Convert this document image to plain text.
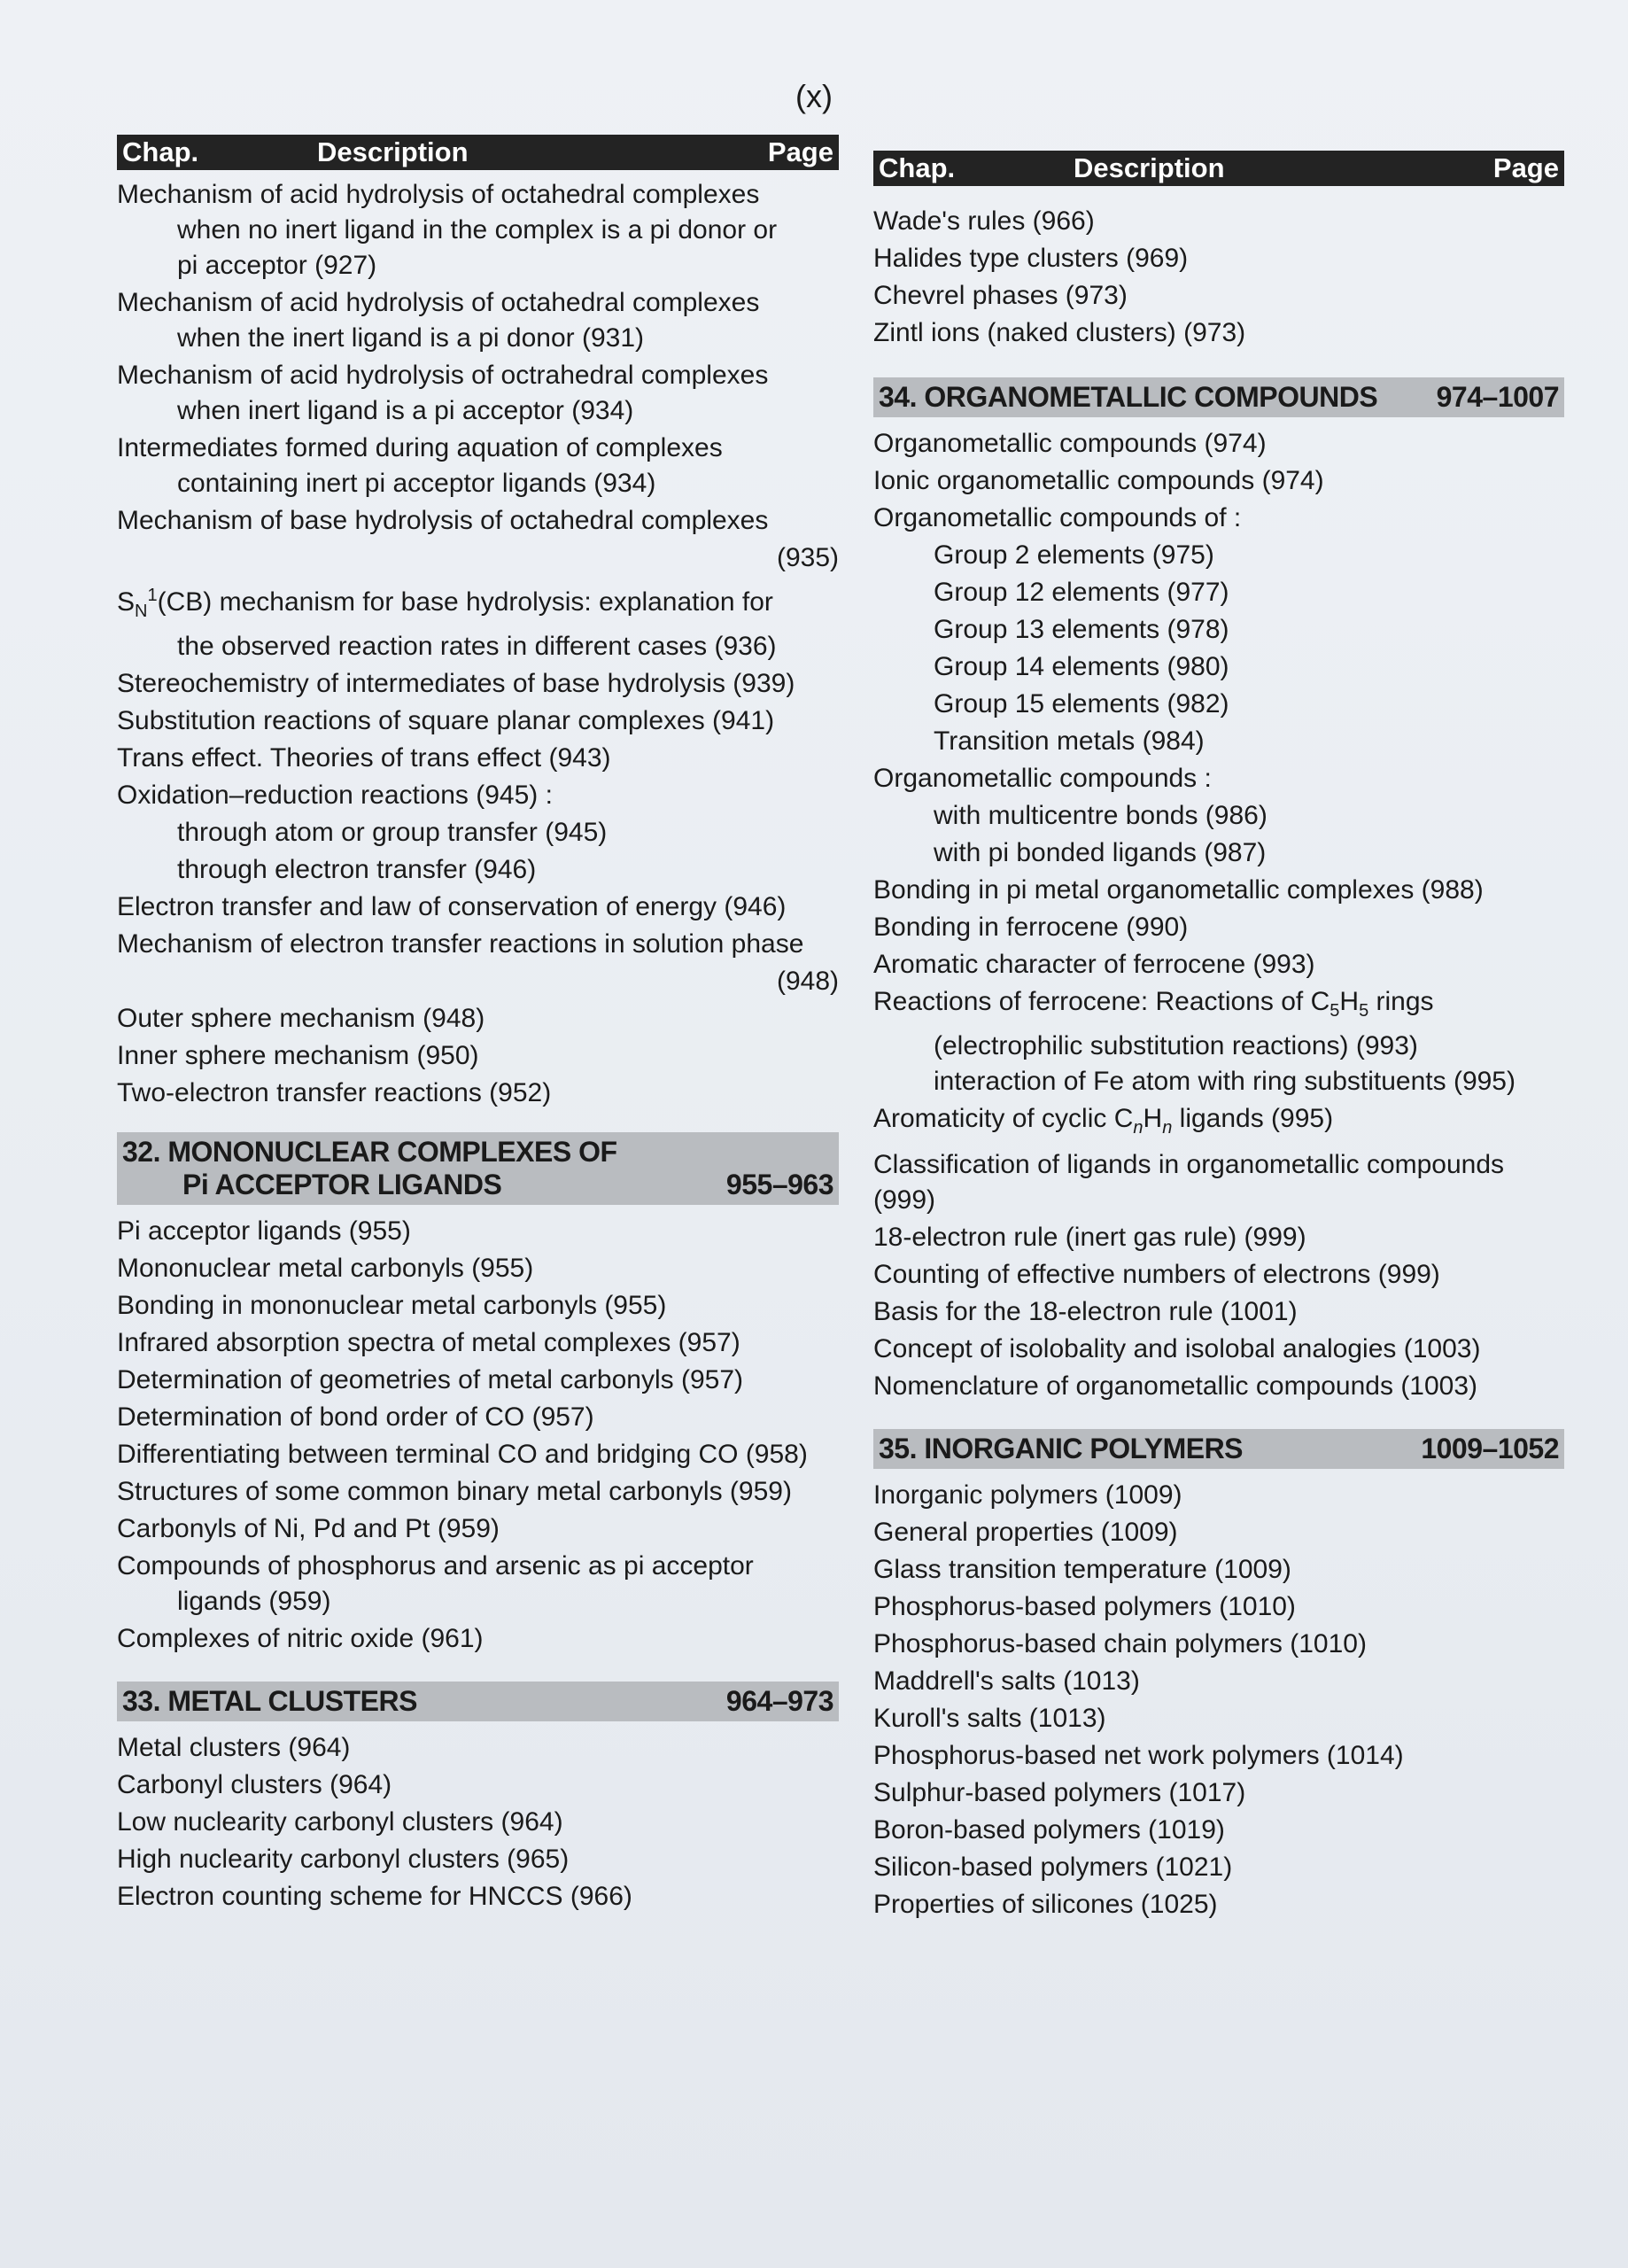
(x)
Chap.	Description	Page
Mechanism of acid hydrolysis of octahedral complexes
when no inert ligand in the complex is a pi donor or
pi acceptor (927)
Mechanism of acid hydrolysis of octahedral complexes
when the inert ligand is a pi donor (931)
Mechanism of acid hydrolysis of octrahedral complexes
when inert ligand is a pi acceptor (934)
Intermediates formed during aquation of complexes
containing inert pi acceptor ligands (934)
Mechanism of base hydrolysis of octahedral complexes
(935)
$S_N^1(CB)$ mechanism for base hydrolysis: explanation for
the observed reaction rates in different cases (936)
Stereochemistry of intermediates of base hydrolysis (939)
Substitution reactions of square planar complexes (941)
Trans effect. Theories of trans effect (943)
Oxidation–reduction reactions (945) :
through atom or group transfer (945)
through electron transfer (946)
Electron transfer and law of conservation of energy (946)
Mechanism of electron transfer reactions in solution phase
(948)
Outer sphere mechanism (948)
Inner sphere mechanism (950)
Two-electron transfer reactions (952)
32. MONONUCLEAR COMPLEXES OF
Pi ACCEPTOR LIGANDS	955–963
Pi acceptor ligands (955)
Mononuclear metal carbonyls (955)
Bonding in mononuclear metal carbonyls (955)
Infrared absorption spectra of metal complexes (957)
Determination of geometries of metal carbonyls (957)
Determination of bond order of CO (957)
Differentiating between terminal CO and bridging CO (958)
Structures of some common binary metal carbonyls (959)
Carbonyls of Ni, Pd and Pt (959)
Compounds of phosphorus and arsenic as pi acceptor
ligands (959)
Complexes of nitric oxide (961)
33. METAL CLUSTERS	964–973
Metal clusters (964)
Carbonyl clusters (964)
Low nuclearity carbonyl clusters (964)
High nuclearity carbonyl clusters (965)
Electron counting scheme for HNCCS (966)
Chap.	Description	Page
Wade's rules (966)
Halides type clusters (969)
Chevrel phases (973)
Zintl ions (naked clusters) (973)
34. ORGANOMETALLIC COMPOUNDS 974–1007
Organometallic compounds (974)
Ionic organometallic compounds (974)
Organometallic compounds of :
Group 2 elements (975)
Group 12 elements (977)
Group 13 elements (978)
Group 14 elements (980)
Group 15 elements (982)
Transition metals (984)
Organometallic compounds :
with multicentre bonds (986)
with pi bonded ligands (987)
Bonding in pi metal organometallic complexes (988)
Bonding in ferrocene (990)
Aromatic character of ferrocene (993)
Reactions of ferrocene: Reactions of $C_5H_5$ rings
(electrophilic substitution reactions) (993)
interaction of Fe atom with ring substituents (995)
Aromaticity of cyclic $C_nH_n$ ligands (995)
Classification of ligands in organometallic compounds (999)
18-electron rule (inert gas rule) (999)
Counting of effective numbers of electrons (999)
Basis for the 18-electron rule (1001)
Concept of isolobality and isolobal analogies (1003)
Nomenclature of organometallic compounds (1003)
35. INORGANIC POLYMERS	1009–1052
Inorganic polymers (1009)
General properties (1009)
Glass transition temperature (1009)
Phosphorus-based polymers (1010)
Phosphorus-based chain polymers (1010)
Maddrell's salts (1013)
Kuroll's salts (1013)
Phosphorus-based net work polymers (1014)
Sulphur-based polymers (1017)
Boron-based polymers (1019)
Silicon-based polymers (1021)
Properties of silicones (1025)
